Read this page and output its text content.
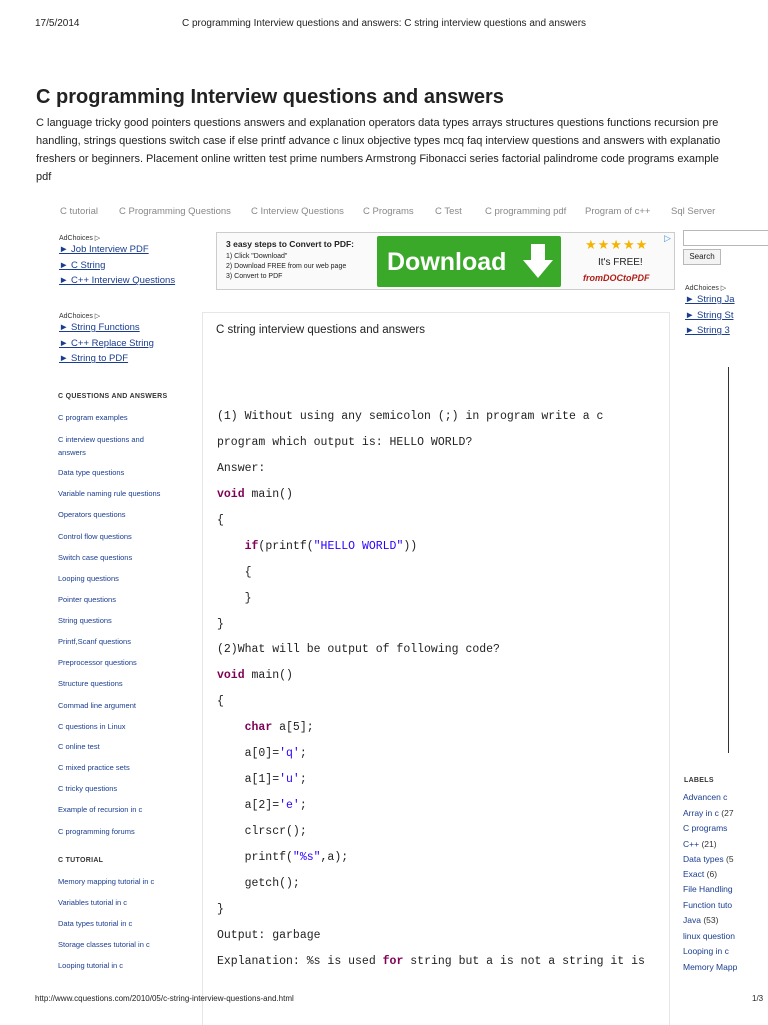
17/5/2014	C programming Interview questions and answers: C string interview questions and answers
C programming Interview questions and answers
C language tricky good pointers questions answers and explanation operators data types arrays structures questions functions recursion pre
handling, strings questions switch case if else printf advance c linux objective types mcq faq interview questions and answers with explanatio
freshers or beginners. Placement online written test prime numbers Armstrong Fibonacci series factorial palindrome code programs example
pdf
C tutorial C Programming Questions C Interview Questions C Programs C Test C programming pdf Program of c++ Sql Server
AdChoices ▷
► Job Interview PDF
► C String
► C++ Interview Questions
AdChoices ▷
► String Functions
► C++ Replace String
► String to PDF
C QUESTIONS AND ANSWERS
C program examples
C interview questions and
answers
Data type questions
Variable naming rule questions
Operators questions
Control flow questions
Switch case questions
Looping questions
Pointer questions
String questions
Printf,Scanf questions
Preprocessor questions
Structure questions
Commad line argument
C questions in Linux
C online test
C mixed practice sets
C tricky questions
Example of recursion in c
C programming forums
C TUTORIAL
Memory mapping tutorial in c
Variables tutorial in c
Data types tutorial in c
Storage classes tutorial in c
Looping tutorial in c
3 easy steps to Convert to PDF:
1) Click "Download"
2) Download FREE from our web page
3) Convert to PDF
Download
★★★★★
It's FREE!
fromDOCtoPDF
▷
C string interview questions and answers
(1) Without using any semicolon (;) in program write a c
program which output is: HELLO WORLD?
Answer:
void main()
{
if(printf("HELLO WORLD"))
{
}
}
(2)What will be output of following code?
void main()
{
char a[5];
a[0]='q';
a[1]='u';
a[2]='e';
clrscr();
printf("%s",a);
getch();
}
Output: garbage
Explanation: %s is used for string but a is not a string it is
Search
AdChoices ▷
► String Ja
► String St
► String 3
LABELS
Advancen c
Array in c (27
C programs
C++ (21)
Data types (5
Exact (6)
File Handling
Function tuto
Java (53)
linux question
Looping in c
Memory Mapp
http://www.cquestions.com/2010/05/c-string-interview-questions-and.html	1/3
